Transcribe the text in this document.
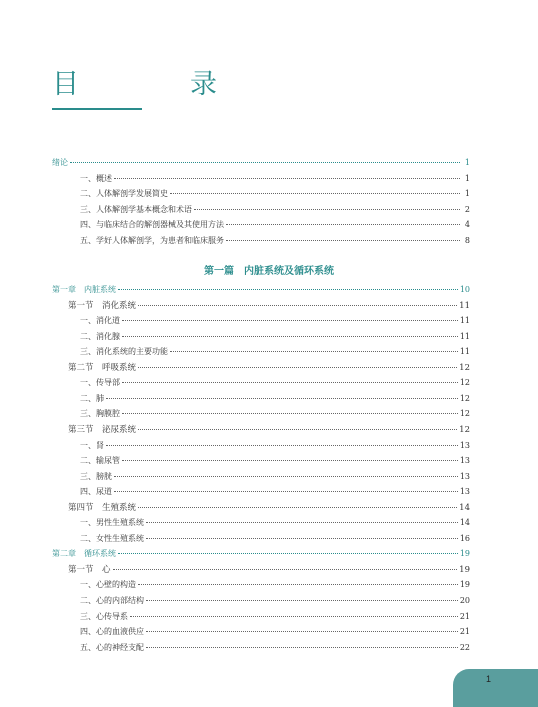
目　录
绪论	1
一、概述	1
二、人体解剖学发展简史	1
三、人体解剖学基本概念和术语	2
四、与临床结合的解剖器械及其使用方法	4
五、学好人体解剖学，为患者和临床服务	8
第一章　内脏系统	10
第一节　消化系统	11
一、消化道	11
二、消化腺	11
三、消化系统的主要功能	11
第二节　呼吸系统	12
一、传导部	12
二、肺	12
三、胸膜腔	12
第三节　泌尿系统	12
一、肾	13
二、输尿管	13
三、膀胱	13
四、尿道	13
第四节　生殖系统	14
一、男性生殖系统	14
二、女性生殖系统	16
第二章　循环系统	19
第一节　心	19
一、心壁的构造	19
二、心的内部结构	20
三、心传导系	21
四、心的血液供应	21
五、心的神经支配	22
第一篇　内脏系统及循环系统
1
